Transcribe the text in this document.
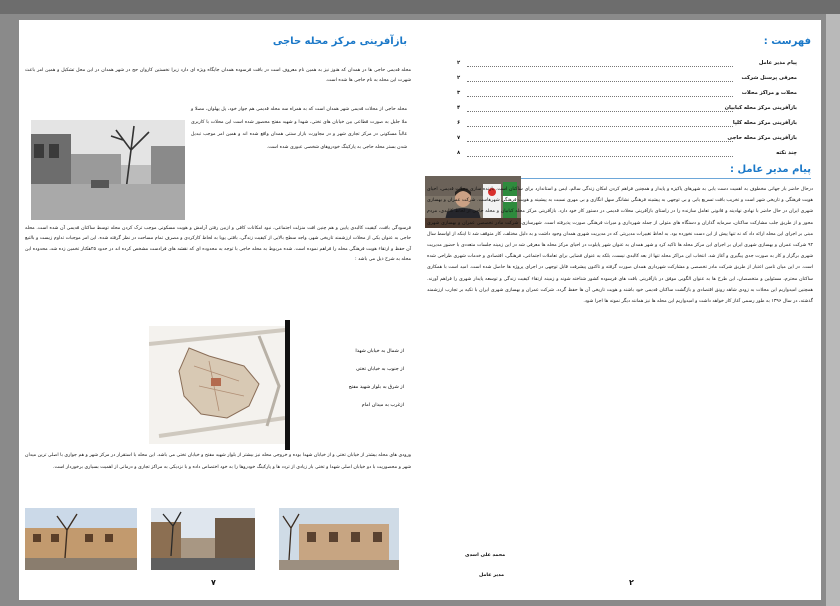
بازآفرینی مرکز محله حاجی
محله قدیمی حاجی ها در همدان که هنوز نیز به همین نام معروف است در بافت فرسوده همدان جایگاه ویژه ای دارد زیرا نخستین کاروان حج در شهر همدان در این محل تشکیل و همین امر باعث شهرت این محله به نام حاجی ها شده است.
محله حاجی از محلات قدیمی شهر همدان است که به همراه سه محله قدیمی هم جوار خود، پل پهلوان، مصلا و ملا جلیل به صورت قطاعی بین خیابان های تختی، شهدا و شهید مفتح محصور شده است این محلات با کاربری غالباً مسکونی در مرکز تجاری شهر و در مجاورت بازار سنتی همدان واقع شده اند و همین امر موجب تبدیل شدن بستر محله حاجی به پارکینگ خودروهای شخصی عبوری شده است.
فرسودگی بافت، کیفیت کالبدی پایین و هم چنین افت منزلت اجتماعی، نبود امکانات کافی و ازبین رفتن آرامش و هویت مسکونی موجب ترک کردن محله توسط ساکنان قدیمی آن شده است. محله حاجی به عنوان یکی از محلات ارزشمند تاریخی شهر، واجد سطح بالایی از کیفیت زندگی، بافتی پویا به لحاظ کارکردی و مصرف تمام مساحت در نظر گرفته شده. این امر موجبات تداوم زیست و بالتبع آن حفظ و ارتقاء هویت فرهنگی محله را فراهم نموده است. شده مربوط به محله حاجی با توجه به محدوده ای که نقشه های فرادست مشخص کرده اند در حدود ۲۵هکتار تخمین زده شد، محدوده این محله به شرح ذیل می باشد :
از شمال به خیابان شهدا
از جنوب به خیابان تختی
از شرق به بلوار شهید مفتح
ازغرب به میدان امام
ورودی های محله بیشتر از خیابان تختی و از خیابان شهدا بوده و خروجی محله نیز بیشتر از بلوار شهید مفتح و خیابان تختی می باشد. این محله با استقرار در مرکز شهر و هم جواری با اصلی ترین میدان شهر و محصوریت با دو خیابان اصلی شهدا و تختی بار زیادی از تردد ها و پارکینگ خودروها را به خود اختصاص داده و با نزدیکی به مراکز تجاری و درمانی از اهمیت بسیاری برخوردار است.
۷
فهرست :
پیام مدیر عامل
۲
معرفی پرسنل شرکت
۲
محلات و مراکز محلات
۳
بازآفرینی مرکز محله کبابیان
۴
بازآفرینی مرکز محله کلپا
۶
بازآفرینی مرکز محله حاجی
۷
چند نکته
۸
پیام مدیر عامل :
درحال حاضر بار جهانی مخطوف به اهمیت دست یابی به شهرهای پاکیزه و پایدار و همچنین فراهم کردن امکان زندگی سالم، ایمن و استاندارد برای ساکنان است. بازنده سازی محلات قدیمی، احیای هویت فرهنگی و تاریخی شهر است و تخریب بافت تسریع یابی و بی توجهی به پیشینه فرهنگی نشانگر سهل انگاری و بی مهری نسبت به پیشینه و هویت فرهنگی شهرهاست. شرکت عمران و بهسازی شهری ایران در حال حاضر با نهادی نهادینه و قانونی تعامل سازنده را در راستای بازآفرینی محلات قدیمی در دستور کار خود دارد. بازآفرینی مرکز محله کبابیان و محله حاجی از لحاظ کالبدی، مردم محور و از طریق جلب مشارکت ساکنان، سرمایه گذاران و دستگاه های متولی از جمله شهرداری و میراث فرهنگی صورت پذیرفته است. شهرسازی، شرکت مادر تخصصی عمران و بهسازی شهری مبنی بر اجرای این محله ارائه داد که نه تنها پیش از این دست نخورده بود. به لحاظ تغییرات مدیریتی که در مدیریت شهری همدان وجود داشت و به دلیل مختلف، کار متوقف شد تا اینکه از اواسط سال ۹۲ شرکت عمران و بهسازی شهری ایران بر اجرای این مرکز محله ها تاکید کرد و شهر همدان به عنوان شهر پایلوت در احیای مرکز محله ها معرفی شد در این زمینه جلسات متعددی با حضور مدیریت شهری برگزار و کار به صورت جدی پیگیری و آغاز شد. انتخاب این مراکز محله تنها از بعد کالبدی نیست، بلکه به عنوان فضایی برای تعاملات اجتماعی، فرهنگی، اقتصادی و خدمات شهری طراحی شده است. در این میان تامین اعتبار از طریق شرکت مادر تخصصی و مشارکت شهرداری همدان صورت گرفته و تاکنون پیشرفت قابل توجهی در اجرای پروژه ها حاصل شده است. امید است با همکاری ساکنان محترم، مسئولین و متخصصان، این طرح ها به عنوان الگویی موفق در بازآفرینی بافت های فرسوده کشور شناخته شوند و زمینه ارتقاء کیفیت زندگی و توسعه پایدار شهری را فراهم آورند. همچنین امیدواریم این محلات به زودی شاهد رونق اقتصادی و بازگشت ساکنان قدیمی خود باشند و هویت تاریخی آن ها حفظ گردد. شرکت عمران و بهسازی شهری ایران با تکیه بر تجارب ارزشمند گذشته، در سال ۱۳۹۶ به طور رسمی آغاز کار خواهد داشت و امیدواریم این محله ها نیز همانند دیگر نمونه ها اجرا شود.
محمد علی اسدی
مدیر عامل
۲
